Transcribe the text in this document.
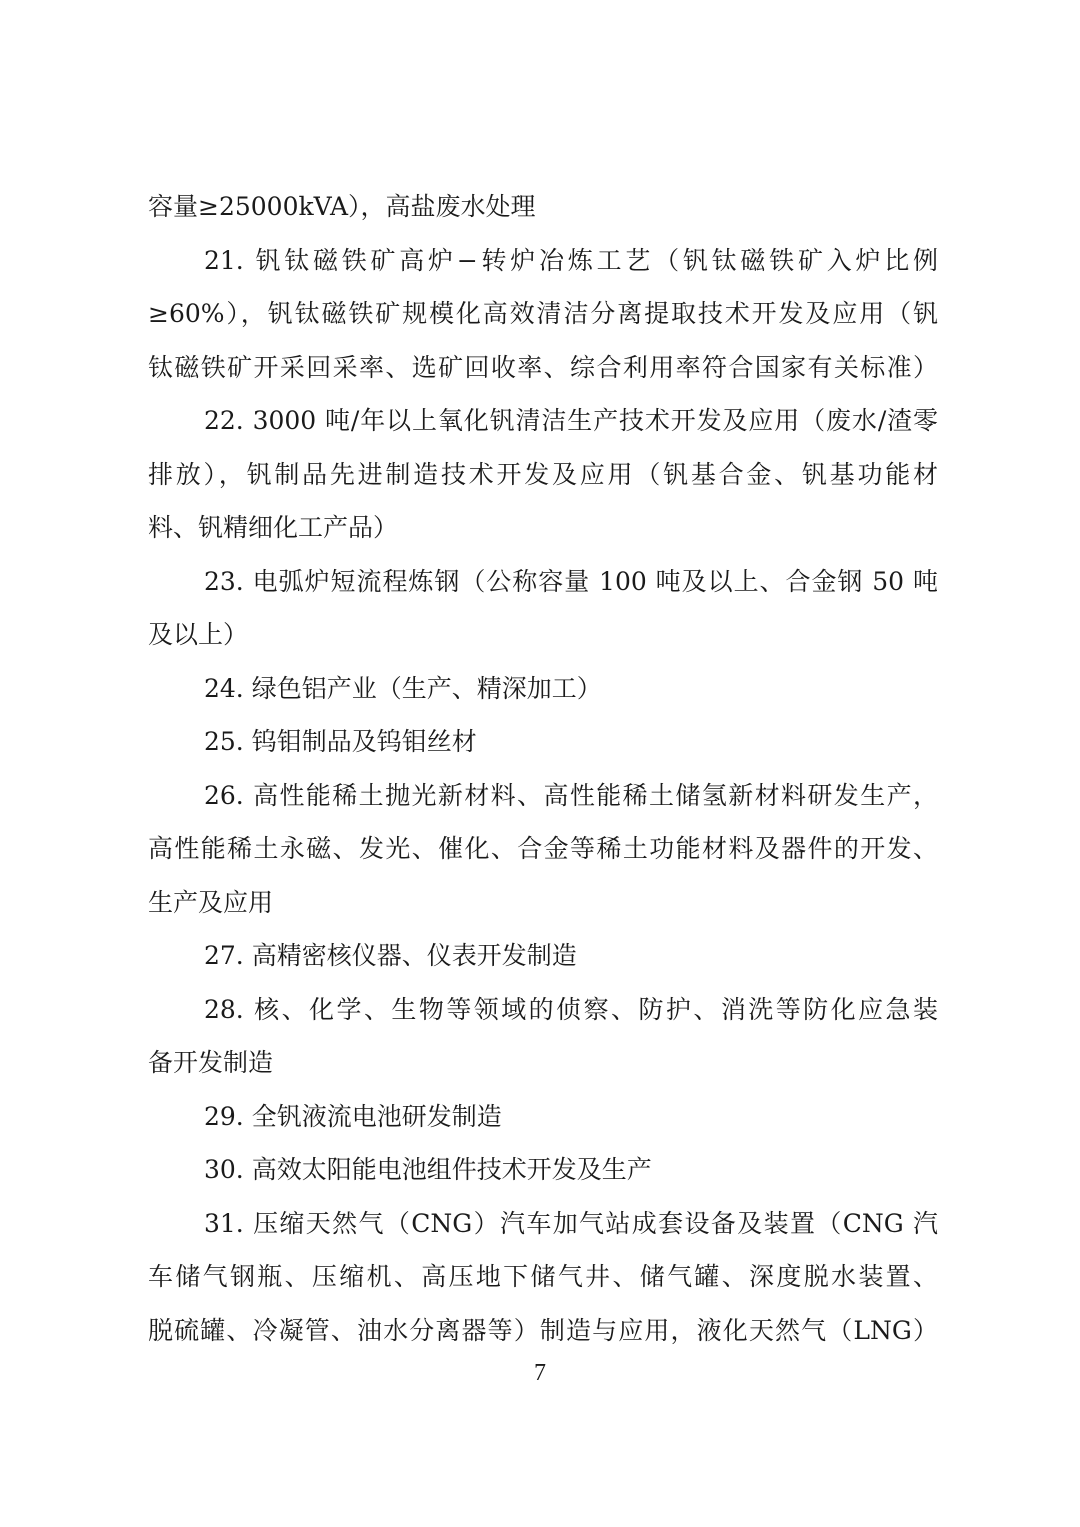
容量≥25000kVA），高盐废水处理
21. 钒钛磁铁矿高炉−转炉冶炼工艺（钒钛磁铁矿入炉比例
≥60%），钒钛磁铁矿规模化高效清洁分离提取技术开发及应用（钒
钛磁铁矿开采回采率、选矿回收率、综合利用率符合国家有关标准）
22. 3000 吨/年以上氧化钒清洁生产技术开发及应用（废水/渣零
排放），钒制品先进制造技术开发及应用（钒基合金、钒基功能材
料、钒精细化工产品）
23. 电弧炉短流程炼钢（公称容量 100 吨及以上、合金钢 50 吨
及以上）
24. 绿色铝产业（生产、精深加工）
25. 钨钼制品及钨钼丝材
26. 高性能稀土抛光新材料、高性能稀土储氢新材料研发生产，
高性能稀土永磁、发光、催化、合金等稀土功能材料及器件的开发、
生产及应用
27. 高精密核仪器、仪表开发制造
28. 核、化学、生物等领域的侦察、防护、消洗等防化应急装
备开发制造
29. 全钒液流电池研发制造
30. 高效太阳能电池组件技术开发及生产
31. 压缩天然气（CNG）汽车加气站成套设备及装置（CNG 汽
车储气钢瓶、压缩机、高压地下储气井、储气罐、深度脱水装置、
脱硫罐、冷凝管、油水分离器等）制造与应用，液化天然气（LNG）
7
